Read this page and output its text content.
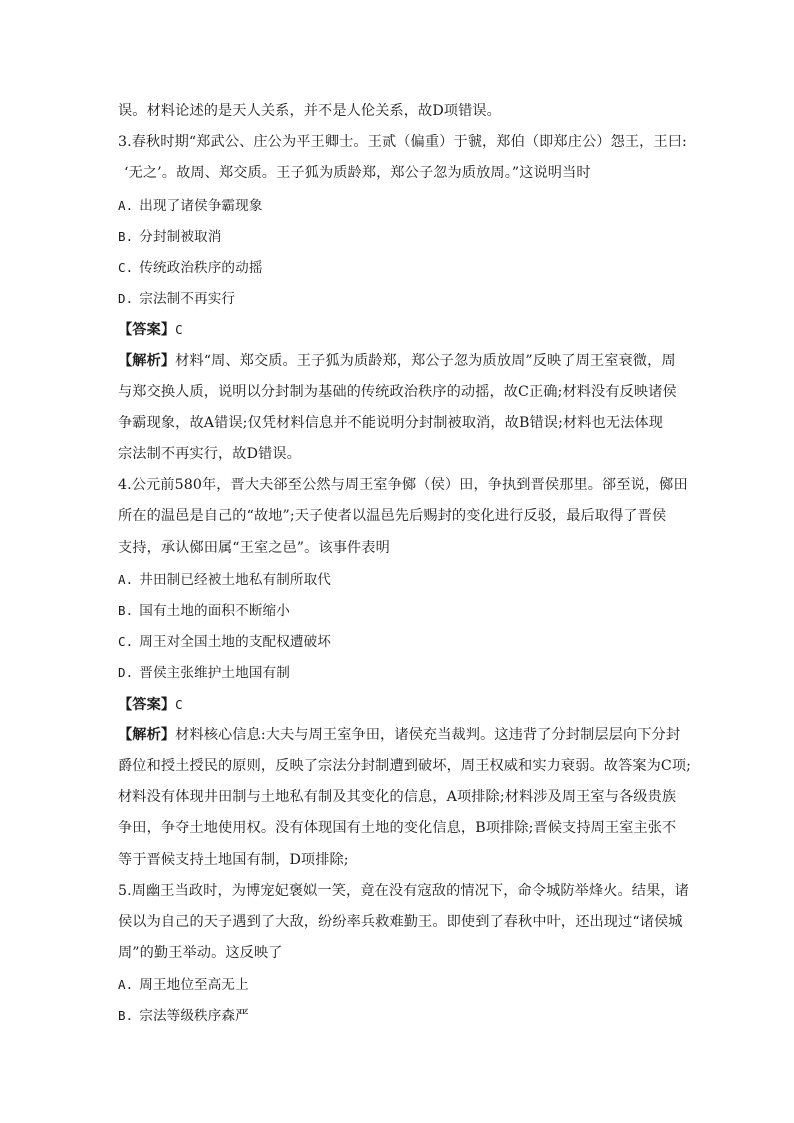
误。材料论述的是天人关系，并不是人伦关系，故D项错误。
3.春秋时期“郑武公、庄公为平王卿士。王贰（偏重）于虢，郑伯（即郑庄公）怨王，王曰:
‘无之’。故周、郑交质。王子狐为质龄郑，郑公子忽为质放周。”这说明当时
A. 出现了诸侯争霸现象
B. 分封制被取消
C. 传统政治秩序的动摇
D. 宗法制不再实行
【答案】C
【解析】材料“周、郑交质。王子狐为质龄郑，郑公子忽为质放周”反映了周王室衰微，周
与郑交换人质，说明以分封制为基础的传统政治秩序的动摇，故C正确;材料没有反映诸侯
争霸现象，故A错误;仅凭材料信息并不能说明分封制被取消，故B错误;材料也无法体现
宗法制不再实行，故D错误。
4.公元前580年，晋大夫郤至公然与周王室争鄇（侯）田，争执到晋侯那里。郤至说，鄇田
所在的温邑是自己的“故地”;天子使者以温邑先后赐封的变化进行反驳，最后取得了晋侯
支持，承认鄇田属“王室之邑”。该事件表明
A. 井田制已经被土地私有制所取代
B. 国有土地的面积不断缩小
C. 周王对全国土地的支配权遭破坏
D. 晋侯主张维护土地国有制
【答案】C
【解析】材料核心信息:大夫与周王室争田，诸侯充当裁判。这违背了分封制层层向下分封
爵位和授土授民的原则，反映了宗法分封制遭到破坏，周王权威和实力衰弱。故答案为C项;
材料没有体现井田制与土地私有制及其变化的信息，A项排除;材料涉及周王室与各级贵族
争田，争夺土地使用权。没有体现国有土地的变化信息，B项排除;晋候支持周王室主张不
等于晋候支持土地国有制，D项排除;
5.周幽王当政时，为博宠妃褒姒一笑，竟在没有寇敌的情况下，命令城防举烽火。结果，诸
侯以为自己的天子遇到了大敌，纷纷率兵救难勤王。即使到了春秋中叶，还出现过“诸侯城
周”的勤王举动。这反映了
A. 周王地位至高无上
B. 宗法等级秩序森严
